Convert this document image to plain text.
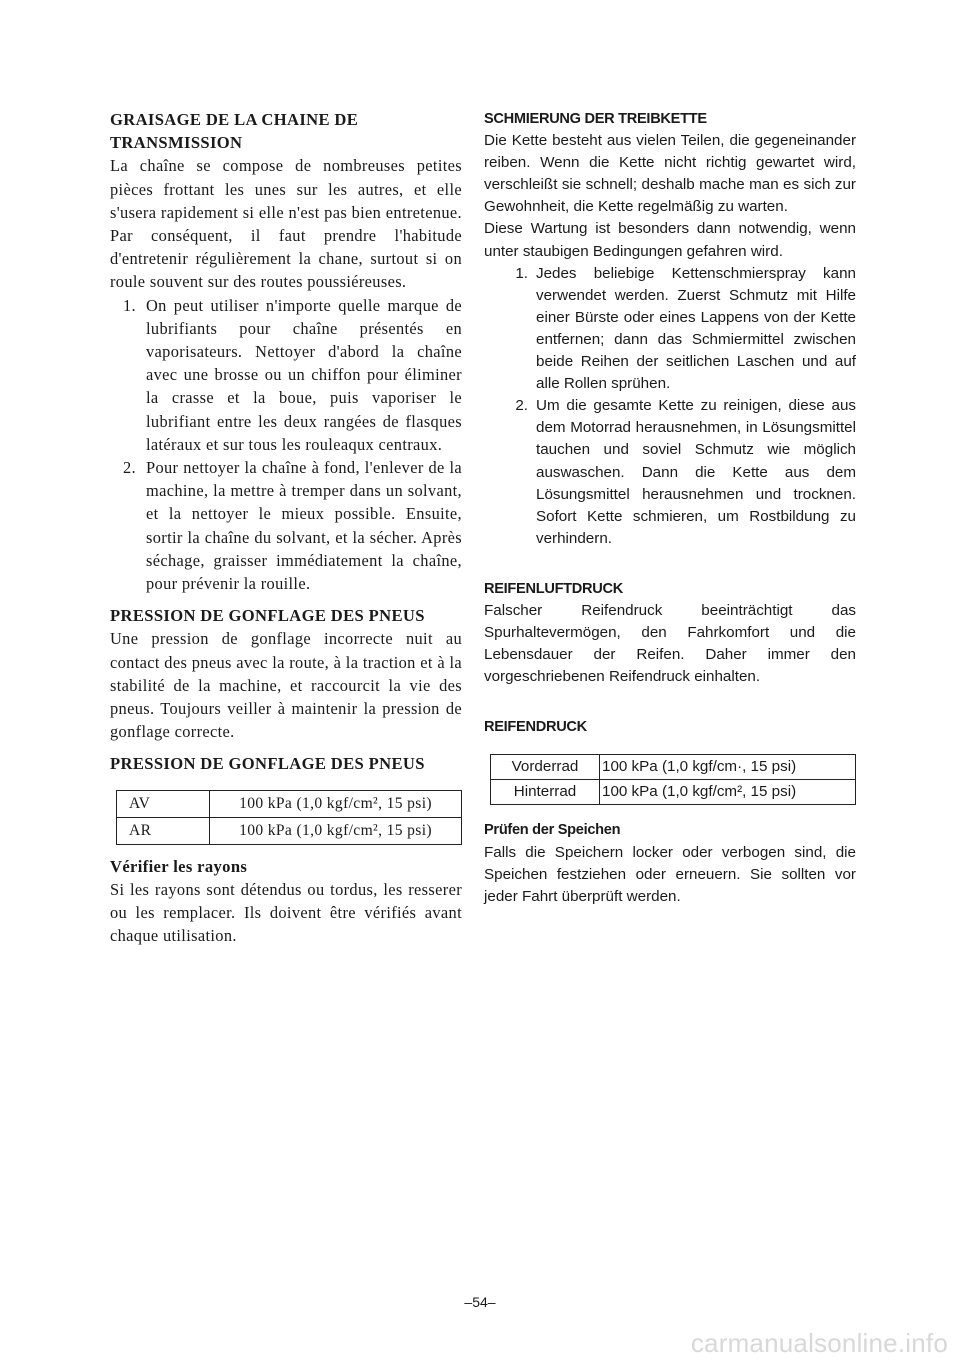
GRAISAGE DE LA CHAINE DE TRANSMISSION

La chaîne se compose de nombreuses petites pièces frottant les unes sur les autres, et elle s'usera rapidement si elle n'est pas bien entretenue. Par conséquent, il faut prendre l'habitude d'entretenir régulièrement la chane, surtout si on roule souvent sur des routes poussiéreuses.

1. On peut utiliser n'importe quelle marque de lubrifiants pour chaîne présentés en vaporisateurs. Nettoyer d'abord la chaîne avec une brosse ou un chiffon pour éliminer la crasse et la boue, puis vaporiser le lubrifiant entre les deux rangées de flasques latéraux et sur tous les rouleaqux centraux.
2. Pour nettoyer la chaîne à fond, l'enlever de la machine, la mettre à tremper dans un solvant, et la nettoyer le mieux possible. Ensuite, sortir la chaîne du solvant, et la sécher. Après séchage, graisser immédiatement la chaîne, pour prévenir la rouille.
PRESSION DE GONFLAGE DES PNEUS

Une pression de gonflage incorrecte nuit au contact des pneus avec la route, à la traction et à la stabilité de la machine, et raccourcit la vie des pneus. Toujours veiller à maintenir la pression de gonflage correcte.

PRESSION DE GONFLAGE DES PNEUS
AV	100 kPa (1,0 kgf/cm², 15 psi)
AR	100 kPa (1,0 kgf/cm², 15 psi)
Vérifier les rayons

Si les rayons sont détendus ou tordus, les resserer ou les remplacer. Ils doivent être vérifiés avant chaque utilisation.

SCHMIERUNG DER TREIBKETTE

Die Kette besteht aus vielen Teilen, die gegeneinander reiben. Wenn die Kette nicht richtig gewartet wird, verschleißt sie schnell; deshalb mache man es sich zur Gewohnheit, die Kette regelmäßig zu warten.

Diese Wartung ist besonders dann notwendig, wenn unter staubigen Bedingungen gefahren wird.

1. Jedes beliebige Kettenschmierspray kann verwendet werden. Zuerst Schmutz mit Hilfe einer Bürste oder eines Lappens von der Kette entfernen; dann das Schmiermittel zwischen beide Reihen der seitlichen Laschen und auf alle Rollen sprühen.
2. Um die gesamte Kette zu reinigen, diese aus dem Motorrad herausnehmen, in Lösungsmittel tauchen und soviel Schmutz wie möglich auswaschen. Dann die Kette aus dem Lösungsmittel herausnehmen und trocknen. Sofort Kette schmieren, um Rostbildung zu verhindern.
REIFENLUFTDRUCK

Falscher Reifendruck beeinträchtigt das Spurhaltevermögen, den Fahrkomfort und die Lebensdauer der Reifen. Daher immer den vorgeschriebenen Reifendruck einhalten.

REIFENDRUCK
Vorderrad	100 kPa (1,0 kgf/cm·, 15 psi)
Hinterrad	100 kPa (1,0 kgf/cm², 15 psi)
Prüfen der Speichen

Falls die Speichern locker oder verbogen sind, die Speichen festziehen oder erneuern. Sie sollten vor jeder Fahrt überprüft werden.

–54–
carmanualsonline.info
